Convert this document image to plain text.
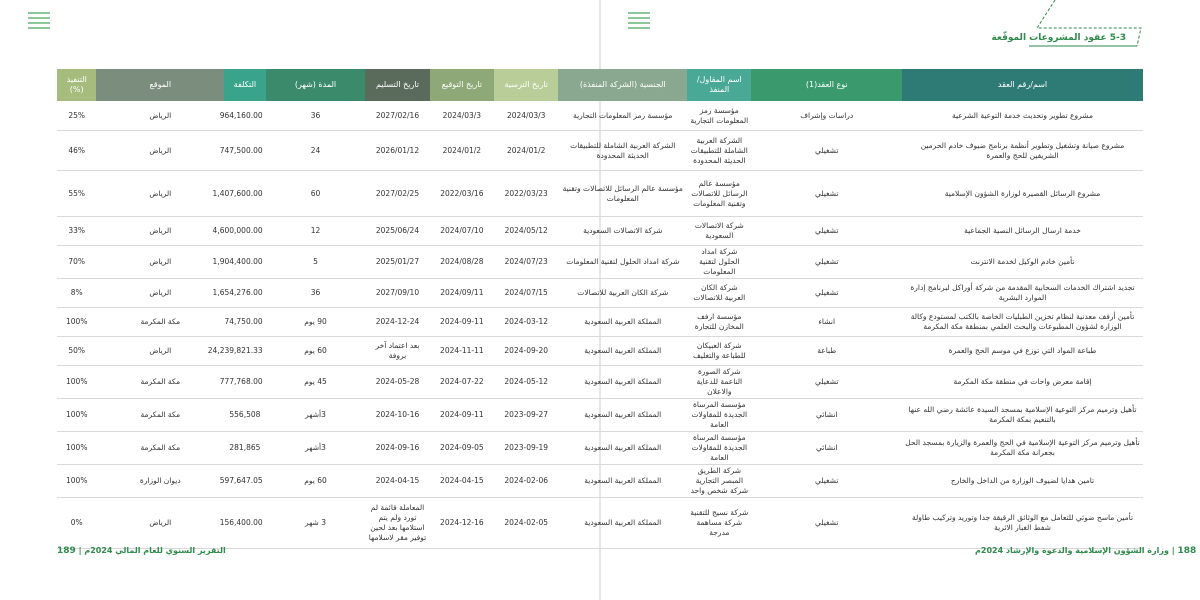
5-3 عقود المشروعات الموقّعة
التنفيذ (%)	الموقع	التكلفة	المدة (شهر)	تاريخ التسليم	تاريخ التوقيع	تاريخ الترسية	الجنسية (الشركة المنفذة)	اسم المقاول/المنفذ	نوع العقد(1)	اسم/رقم العقد
25%	الرياض	964,160.00	36	2027/02/16	2024/03/3	2024/03/3	مؤسسة رمز المعلومات التجارية	مؤسسة رمز المعلومات التجارية	دراسات وإشراف	مشروع تطوير وتحديث خدمة التوعية الشرعية
46%	الرياض	747,500.00	24	2026/01/12	2024/01/2	2024/01/2	الشركة العربية الشاملة للتطبيقات الحديثة المحدودة	الشركة العربية الشاملة للتطبيقات الحديثة المحدودة	تشغيلي	مشروع صيانة وتشغيل وتطوير أنظمة برنامج ضيوف خادم الحرمين الشريفين للحج والعمرة
55%	الرياض	1,407,600.00	60	2027/02/25	2022/03/16	2022/03/23	مؤسسة عالم الرسائل للاتصالات وتقنية المعلومات	مؤسسة عالم الرسائل للاتصالات وتقنية المعلومات	تشغيلي	مشروع الرسائل القصيرة لوزارة الشؤون الإسلامية
33%	الرياض	4,600,000.00	12	2025/06/24	2024/07/10	2024/05/12	شركة الاتصالات السعودية	شركة الاتصالات السعودية	تشغيلي	خدمة ارسال الرسائل النصية الجماعية
70%	الرياض	1,904,400.00	5	2025/01/27	2024/08/28	2024/07/23	شركة امداد الحلول لتقنية المعلومات	شركة امداد الحلول لتقنية المعلومات	تشغيلي	تأمين خادم الوكيل لخدمة الانترنت
8%	الرياض	1,654,276.00	36	2027/09/10	2024/09/11	2024/07/15	شركة الكان العربية للاتصالات	شركة الكان العربية للاتصالات	تشغيلي	تجديد اشتراك الخدمات السحابية المقدمة من شركة أوراكل لبرنامج إدارة الموارد البشرية
100%	مكة المكرمة	74,750.00	90 يوم	2024-12-24	2024-09-11	2024-03-12	المملكة العربية السعودية	مؤسسة ارفف المخازن للتجارة	انشاء	تأمين أرفف معدنية لنظام تخزين الطبليات الخاصة بالكتب لمستودع وكالة الوزارة لشؤون المطبوعات والبحث العلمي بمنطقة مكة المكرمة
50%	الرياض	24,239,821.33	60 يوم	بعد اعتماد آخر بروفة	2024-11-11	2024-09-20	المملكة العربية السعودية	شركة العبيكان للطباعة والتغليف	طباعة	طباعة المواد التي توزع في موسم الحج والعمرة
100%	مكة المكرمة	777,768.00	45 يوم	2024-05-28	2024-07-22	2024-05-12	المملكة العربية السعودية	شركة الصورة الناعمة للدعاية والاعلان	تشغيلي	إقامة معرض واحات في منطقة مكة المكرمة
100%	مكة المكرمة	556,508	3أشهر	2024-10-16	2024-09-11	2023-09-27	المملكة العربية السعودية	مؤسسة المرساة الجديدة للمقاولات العامة	انشائي	تأهيل وترميم مركز التوعية الإسلامية بمسجد السيدة عائشة رضي الله عنها بالتنعيم بمكة المكرمة
100%	مكة المكرمة	281,865	3أشهر	2024-09-16	2024-09-05	2023-09-19	المملكة العربية السعودية	مؤسسة المرساة الجديدة للمقاولات العامة	انشائي	تأهيل وترميم مركز التوعية الإسلامية في الحج والعمرة والزيارة بمسجد الحل بجعرانة مكة المكرمة
100%	ديوان الوزارة	597,647.05	60 يوم	2024-04-15	2024-04-15	2024-02-06	المملكة العربية السعودية	شركة الطريق المبصر التجارية شركة شخص واحد	تشغيلي	تامين هدايا لضيوف الوزارة من الداخل والخارج
0%	الرياض	156,400.00	3 شهر	المعاملة قائمة لم تورد ولم يتم استلامها بعد لحين توفير مقر لاسلامها	2024-12-16	2024-02-05	المملكة العربية السعودية	شركة نسيج للتقنية شركة مساهمة مدرجة	تشغيلي	تأمين ماسح ضوئي للتعامل مع الوثائق الرقيقة جدا وتوريد وتركيب طاولة شفط الغبار الاثرية
التقرير السنوي للعام المالي 2024م | 189	188 | وزارة الشؤون الإسلامية والدعوة والإرشاد 2024م
